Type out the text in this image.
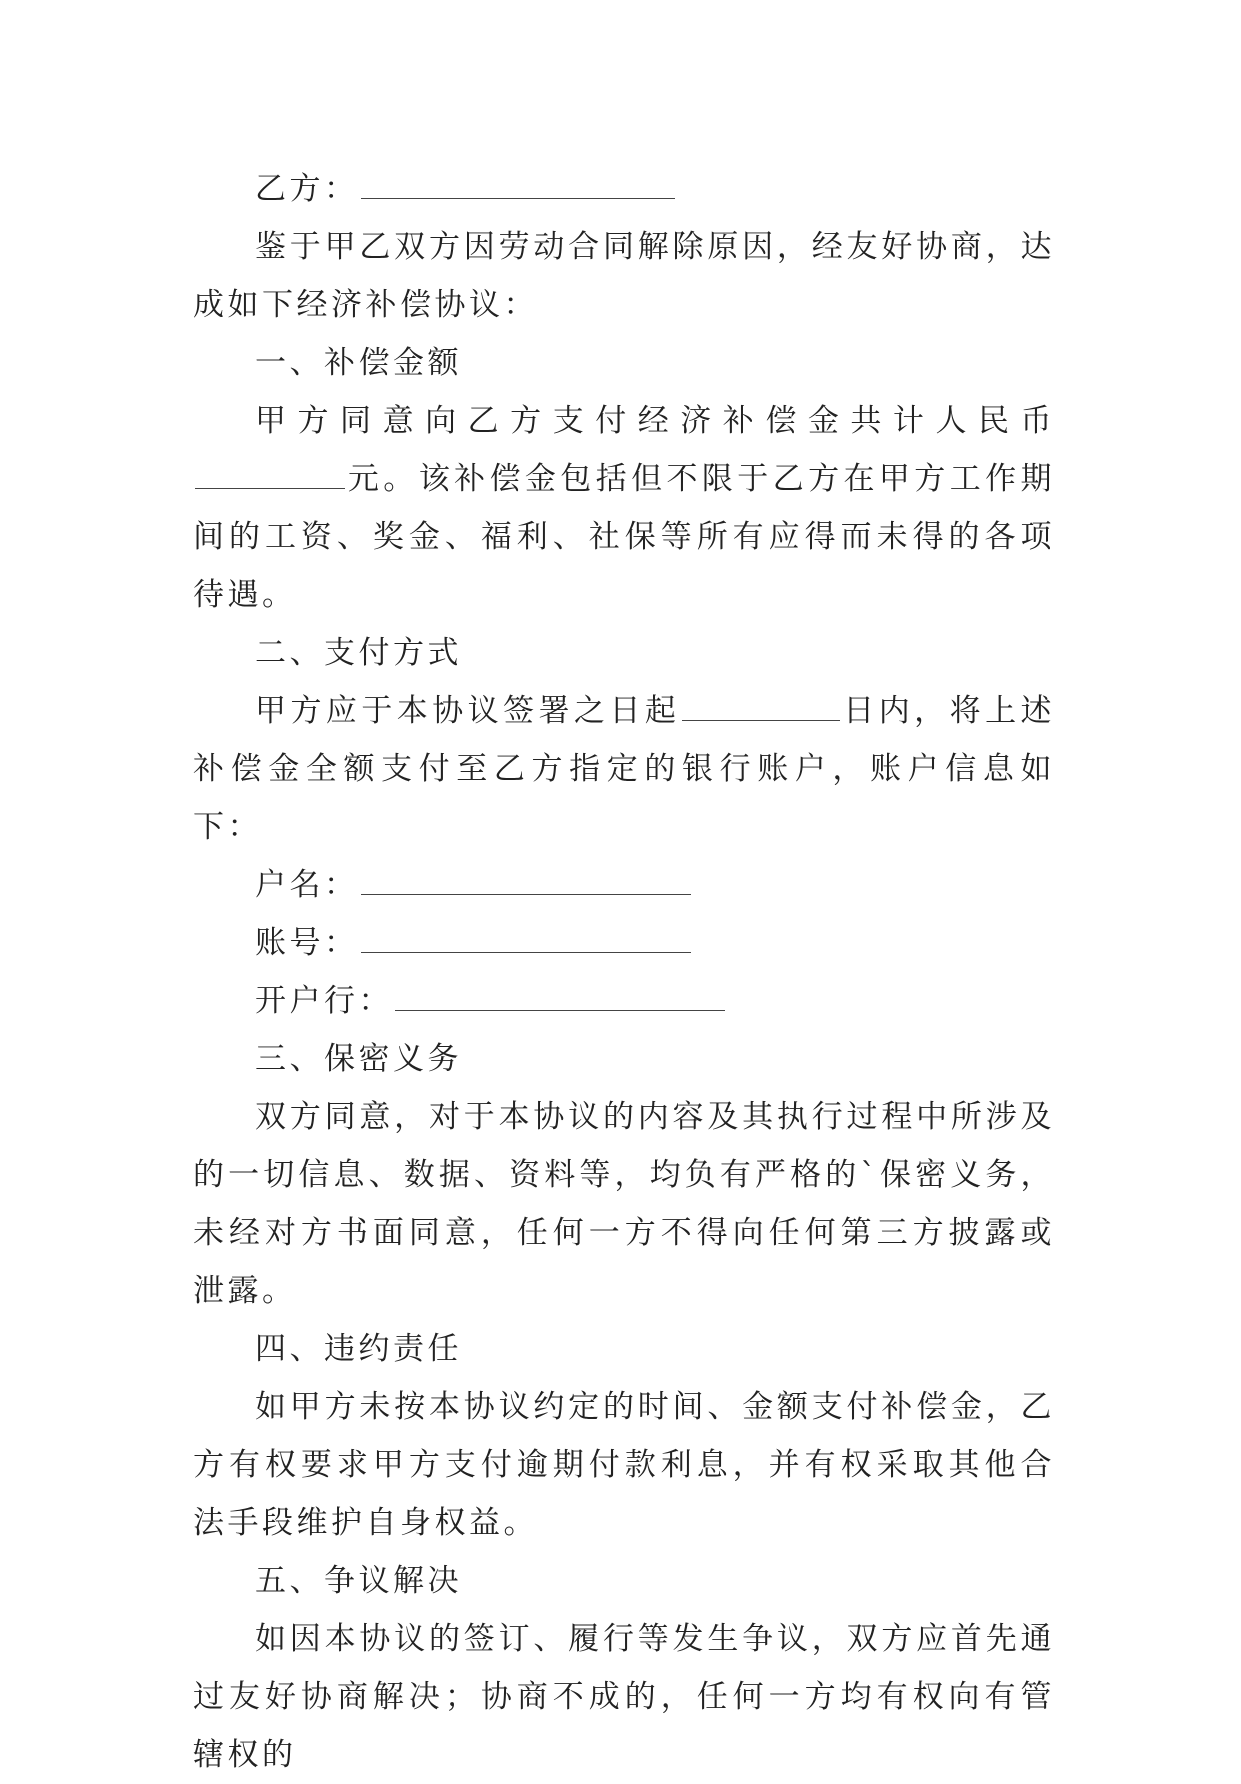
乙方：

鉴于甲乙双方因劳动合同解除原因，经友好协商，达成如下经济补偿协议：

一、补偿金额

甲方同意向乙方支付经济补偿金共计人民币元。该补偿金包括但不限于乙方在甲方工作期间的工资、奖金、福利、社保等所有应得而未得的各项待遇。

二、支付方式

甲方应于本协议签署之日起	日内，将上述补偿金全额支付至乙方指定的银行账户，账户信息如下：

户名：

账号：

开户行：

三、保密义务

双方同意，对于本协议的内容及其执行过程中所涉及的一切信息、数据、资料等，均负有严格的`保密义务，未经对方书面同意，任何一方不得向任何第三方披露或泄露。

四、违约责任

如甲方未按本协议约定的时间、金额支付补偿金，乙方有权要求甲方支付逾期付款利息，并有权采取其他合法手段维护自身权益。

五、争议解决

如因本协议的签订、履行等发生争议，双方应首先通过友好协商解决；协商不成的，任何一方均有权向有管辖权的
